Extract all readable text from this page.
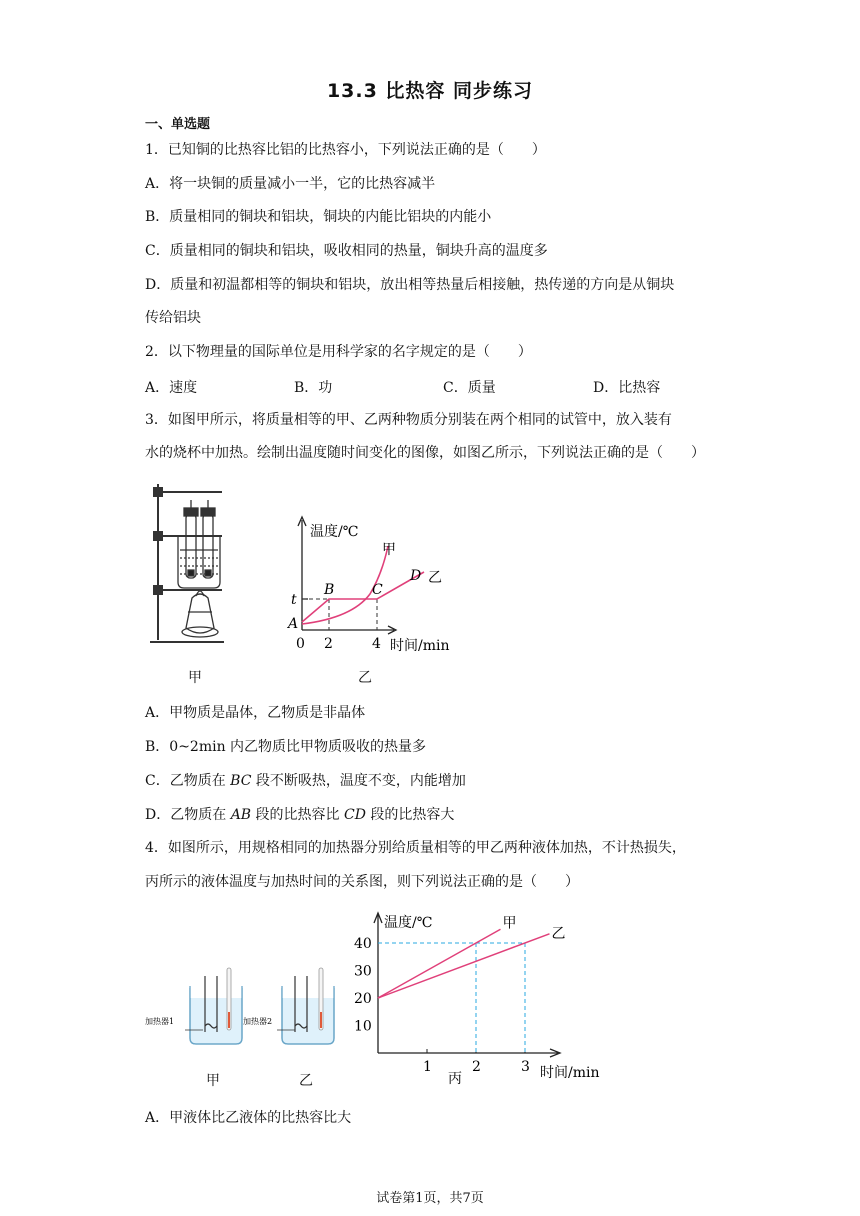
13.3 比热容 同步练习
一、单选题
1．已知铜的比热容比铝的比热容小，下列说法正确的是（　　）
A．将一块铜的质量减小一半，它的比热容减半
B．质量相同的铜块和铝块，铜块的内能比铝块的内能小
C．质量相同的铜块和铝块，吸收相同的热量，铜块升高的温度多
D．质量和初温都相等的铜块和铝块，放出相等热量后相接触，热传递的方向是从铜块
传给铝块
2．以下物理量的国际单位是用科学家的名字规定的是（　　）
A．速度	B．功	C．质量	D．比热容
3．如图甲所示，将质量相等的甲、乙两种物质分别装在两个相同的试管中，放入装有
水的烧杯中加热。绘制出温度随时间变化的图像，如图乙所示，下列说法正确的是（　　）
甲
温度/℃
时间/min
0 2	4
t
A
B	C
D
甲
乙
乙
A．甲物质是晶体，乙物质是非晶体
B．0~2min 内乙物质比甲物质吸收的热量多
C．乙物质在 BC 段不断吸热，温度不变，内能增加
D．乙物质在 AB 段的比热容比 CD 段的比热容大
4．如图所示，用规格相同的加热器分别给质量相等的甲乙两种液体加热，不计热损失，
丙所示的液体温度与加热时间的关系图，则下列说法正确的是（　　）
加热器1	加热器2
甲	乙
温度/℃
时间/min
丙
10
20
30
40
1	2	3
甲
乙
A．甲液体比乙液体的比热容比大
试卷第1页，共7页
